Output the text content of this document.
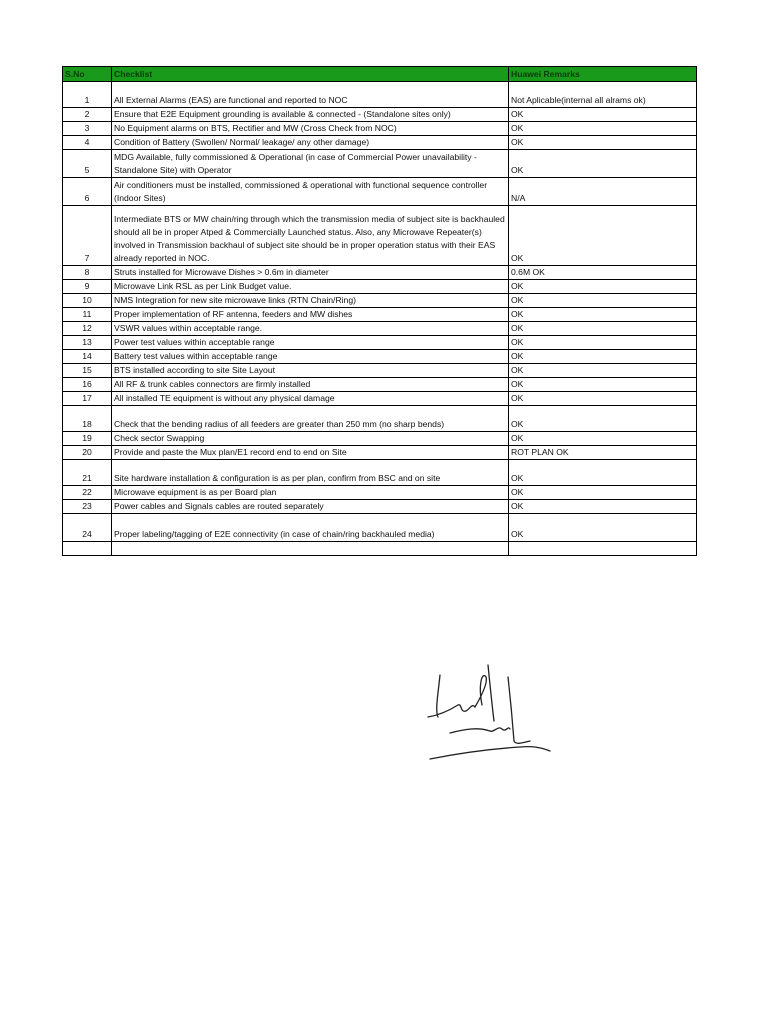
S.No	Checklist	Huawei Remarks
1	All External Alarms (EAS) are functional and reported to NOC	Not Aplicable(internal all alrams ok)
2	Ensure that E2E Equipment grounding is available & connected - (Standalone sites only)	OK
3	No Equipment alarms on BTS, Rectifier and MW (Cross Check from NOC)	OK
4	Condition of Battery (Swollen/ Normal/ leakage/ any other damage)	OK
5	MDG Available, fully commissioned & Operational (in case of Commercial Power unavailability - Standalone Site) with Operator	OK
6	Air conditioners must be installed, commissioned & operational with functional sequence controller (Indoor Sites)	N/A
7	Intermediate BTS or MW chain/ring through which the transmission media of subject site is backhauled should all be in proper Atped & Commercially Launched status. Also, any Microwave Repeater(s) involved in Transmission backhaul of subject site should be in proper operation status with their EAS already reported in NOC.	OK
8	Struts installed for Microwave Dishes > 0.6m in diameter	0.6M OK
9	Microwave Link RSL as per Link Budget value.	OK
10	NMS Integration for new site microwave links (RTN Chain/Ring)	OK
11	Proper implementation of RF antenna, feeders and MW dishes	OK
12	VSWR values within acceptable range.	OK
13	Power test values within acceptable range	OK
14	Battery test values within acceptable range	OK
15	BTS installed according to site Site Layout	OK
16	All RF & trunk cables connectors are firmly installed	OK
17	All installed TE equipment is without any physical damage	OK
18	Check that the bending radius of all feeders are greater than 250 mm (no sharp bends)	OK
19	Check sector Swapping	OK
20	Provide and paste the Mux plan/E1 record end to end on Site	ROT PLAN OK
21	Site hardware installation & configuration is as per plan, confirm from BSC and on site	OK
22	Microwave equipment is as per Board plan	OK
23	Power cables and Signals cables are routed separately	OK
24	Proper labeling/tagging of E2E connectivity (in case of chain/ring backhauled media)	OK
